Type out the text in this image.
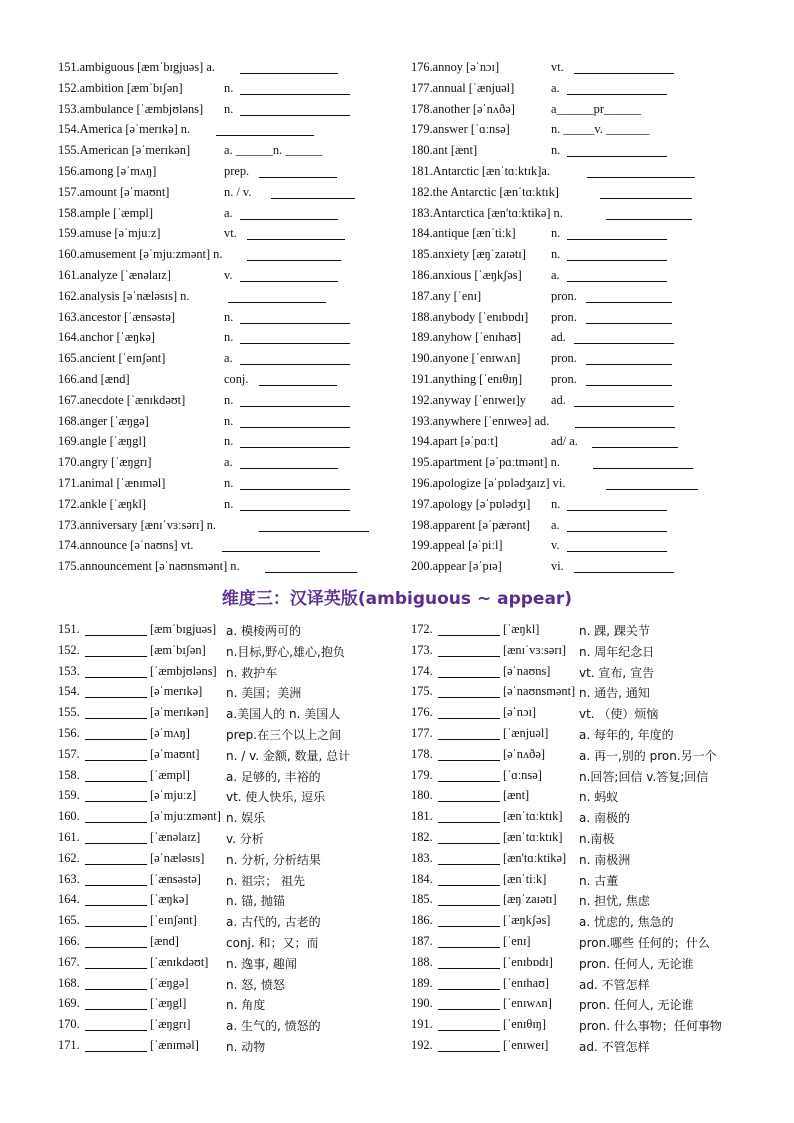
151.ambiguous [æmˈbɪgjuəs] a.
152.ambition [æmˈbɪʃən]	n.
153.ambulance [ˈæmbjʊləns] n.
154.America [əˈmerɪkə] n.
155.American [əˈmerɪkən]	a. ______n. ______
156.among [əˈmʌŋ]	prep.
157.amount [əˈmaʊnt]	n. / v.
158.ample [ˈæmpl]	a.
159.amuse [əˈmjuːz]	vt.
160.amusement [əˈmjuːzmənt] n.
161.analyze [ˈænəlaɪz]	v.
162.analysis [əˈnæləsɪs] n.
163.ancestor [ˈænsəstə]	n.
164.anchor [ˈæŋkə]	n.
165.ancient [ˈeɪnʃənt]	a.
166.and [ænd]	conj.
167.anecdote [ˈænɪkdəʊt]	n.
168.anger [ˈæŋgə]	n.
169.angle [ˈæŋgl]	n.
170.angry [ˈæŋgrɪ]	a.
171.animal [ˈænɪməl]	n.
172.ankle [ˈæŋkl]	n.
173.anniversary [ænɪˈvɜːsərɪ] n.
174.announce [əˈnaʊns] vt.
175.announcement [əˈnaʊnsmənt] n.
176.annoy [əˈnɔɪ]	vt.
177.annual [ˈænjuəl]	a.
178.another [əˈnʌðə]	a______pr______
179.answer [ˈɑːnsə]	n. _____v. _______
180.ant [ænt]	n.
181.Antarctic [ænˈtɑːktɪk]a.
182.the Antarctic [ænˈtɑːktɪk]
183.Antarctica [æn'tɑːktikə] n.
184.antique [ænˈtiːk]	n.
185.anxiety [æŋˈzaɪətɪ] n.
186.anxious [ˈæŋkʃəs] a.
187.any [ˈenɪ]	pron.
188.anybody [ˈenɪbɒdɪ] pron.
189.anyhow [ˈenɪhaʊ] ad.
190.anyone [ˈenɪwʌn] pron.
191.anything [ˈenɪθɪŋ] pron.
192.anyway [ˈenɪweɪ]y ad.
193.anywhere [ˈenɪweə] ad.
194.apart [əˈpɑːt]	ad/ a.
195.apartment [əˈpɑːtmənt] n.
196.apologize [əˈpɒlədʒaɪz] vi.
197.apology [əˈpɒlədʒɪ] n.
198.apparent [əˈpærənt] a.
199.appeal [əˈpiːl]	v.
200.appear [əˈpɪə]	vi.
维度三：汉译英版(ambiguous ~ appear)
151.	[æmˈbɪgjuəs] a. 模棱两可的
152.	[æmˈbɪʃən] n.目标,野心,雄心,抱负
153.	[ˈæmbjʊləns] n. 救护车
154.	[əˈmerɪkə] n. 美国；美洲
155.	[əˈmerɪkən] a.美国人的 n. 美国人
156.	[əˈmʌŋ]	prep.在三个以上之间
157.	[əˈmaʊnt] n. / v. 金额, 数量, 总计
158.	[ˈæmpl]	a. 足够的, 丰裕的
159.	[əˈmjuːz] vt. 使人快乐, 逗乐
160.	[əˈmjuːzmənt] n. 娱乐
161.	[ˈænəlaɪz] v. 分析
162.	[əˈnæləsɪs] n. 分析, 分析结果
163.	[ˈænsəstə] n. 祖宗； 祖先
164.	[ˈæŋkə]	n. 锚, 抛锚
165.	[ˈeɪnʃənt] a. 古代的, 古老的
166.	[ænd]	conj. 和；又；而
167.	[ˈænɪkdəʊt] n. 逸事, 趣闻
168.	[ˈæŋgə]	n. 怒, 愤怒
169.	[ˈæŋgl]	n. 角度
170.	[ˈæŋgrɪ]	a. 生气的, 愤怒的
171.	[ˈænɪməl] n. 动物
172.	[ˈæŋkl]	n. 踝, 踝关节
173.	[ænɪˈvɜːsərɪ] n. 周年纪念日
174.	[əˈnaʊns] vt. 宣布, 宣告
175.	[əˈnaʊnsmənt] n. 通告, 通知
176.	[əˈnɔɪ]	vt. （使）烦恼
177.	[ˈænjuəl]	a. 每年的, 年度的
178.	[əˈnʌðə]	a. 再一,别的 pron.另一个
179.	[ˈɑːnsə]	n.回答;回信 v.答复;回信
180.	[ænt]	n. 蚂蚁
181.	[ænˈtɑːktɪk] a. 南极的
182.	[ænˈtɑːktɪk] n.南极
183.	[æn'tɑːktikə] n. 南极洲
184.	[ænˈtiːk]	n. 古董
185.	[æŋˈzaɪətɪ] n. 担忧, 焦虑
186.	[ˈæŋkʃəs] a. 忧虑的, 焦急的
187.	[ˈenɪ]	pron.哪些 任何的；什么
188.	[ˈenɪbɒdɪ] pron. 任何人, 无论谁
189.	[ˈenɪhaʊ] ad. 不管怎样
190.	[ˈenɪwʌn] pron. 任何人, 无论谁
191.	[ˈenɪθɪŋ]	pron. 什么事物；任何事物
192.	[ˈenɪweɪ]	ad. 不管怎样
